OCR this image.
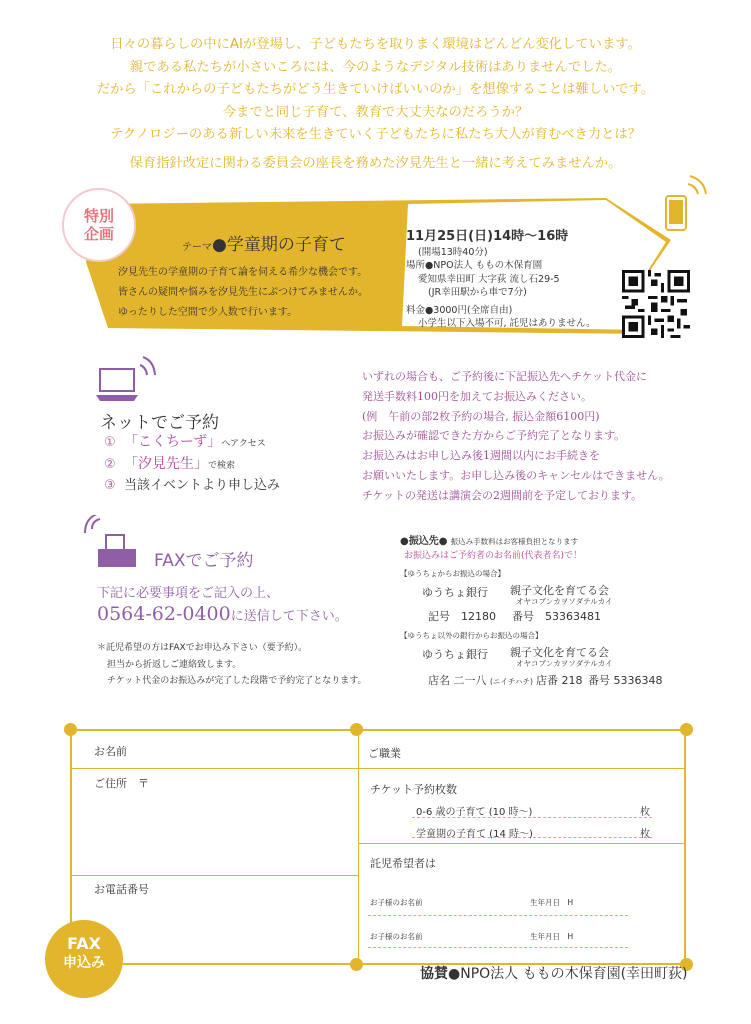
日々の暮らしの中にAIが登場し、子どもたちを取りまく環境はどんどん変化しています。

親である私たちが小さいころには、今のようなデジタル技術はありませんでした。

だから「これからの子どもたちがどう生きていけばいいのか」を想像することは難しいです。

今までと同じ子育て、教育で大丈夫なのだろうか？

テクノロジーのある新しい未来を生きていく子どもたちに私たち大人が育むべき力とは？

保育指針改定に関わる委員会の座長を務めた汐見先生と一緒に考えてみませんか。

特別
企画
テーマ●学童期の子育て
汐見先生の学童期の子育て論を伺える希少な機会です。
皆さんの疑問や悩みを汐見先生にぶつけてみませんか。
ゆったりした空間で少人数で行います。
11月25日(日)14時〜16時
(開場13時40分)
場所●NPO法人 ももの木保育園
愛知県幸田町 大字荻 流し石29-5
(JR幸田駅から車で7分)
料金●3000円(全席自由)
小学生以下入場不可, 託児はありません。
ネットでご予約
① 「こくちーず」へアクセス
② 「汐見先生」で検索
③ 当該イベントより申し込み
いずれの場合も、ご予約後に下記振込先へチケット代金に
発送手数料100円を加えてお振込みください。
(例　午前の部2枚予約の場合, 振込金額6100円)
お振込みが確認できた方からご予約完了となります。
お振込みはお申し込み後1週間以内にお手続きを
お願いいたします。お申し込み後のキャンセルはできません。
チケットの発送は講演会の2週間前を予定しております。
FAXでご予約
下記に必要事項をご記入の上、
0564-62-0400に送信して下さい。
＊託児希望の方はFAXでお申込み下さい（要予約）。
担当から折返しご連絡致します。
チケット代金のお振込みが完了した段階で予約完了となります。
●振込先● 振込み手数料はお客様負担となります
お振込みはご予約者のお名前(代表者名)で！
【ゆうちょからお振込の場合】
ゆうちょ銀行 親子文化を育てる会
オヤコブンカヲソダテルカイ
記号　12180 番号　53363481
【ゆうちょ以外の銀行からお振込の場合】
ゆうちょ銀行 親子文化を育てる会
オヤコブンカヲソダテルカイ
店名 二一八 (ニイチハチ) 店番 218 番号 5336348
お名前	ご職業
ご住所　〒	チケット予約枚数
0-6 歳の子育て (10 時〜)	枚
学童期の子育て (14 時〜)	枚
託児希望者は
お電話番号
お子様のお名前	生年月日　H
お子様のお名前	生年月日　H
FAX
申込み
協賛●NPO法人 ももの木保育園(幸田町荻)
